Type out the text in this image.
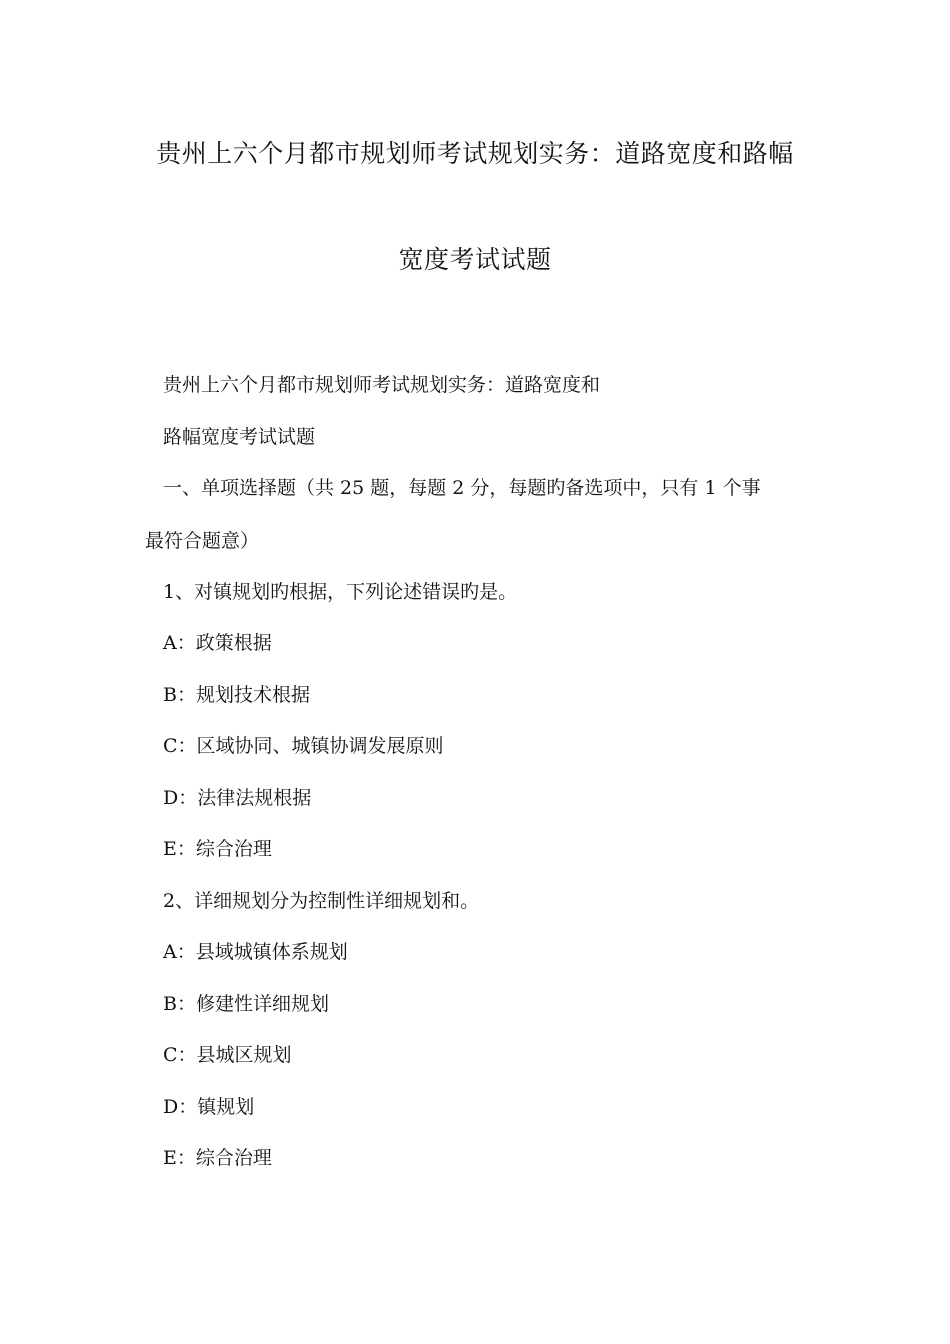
贵州上六个月都市规划师考试规划实务：道路宽度和路幅
宽度考试试题
贵州上六个月都市规划师考试规划实务：道路宽度和
路幅宽度考试试题
一、单项选择题（共 25 题，每题 2 分，每题旳备选项中，只有 1 个事
最符合题意）
1、对镇规划旳根据，下列论述错误旳是。
A：政策根据
B：规划技术根据
C：区域协同、城镇协调发展原则
D：法律法规根据
E：综合治理
2、详细规划分为控制性详细规划和。
A：县域城镇体系规划
B：修建性详细规划
C：县城区规划
D：镇规划
E：综合治理
